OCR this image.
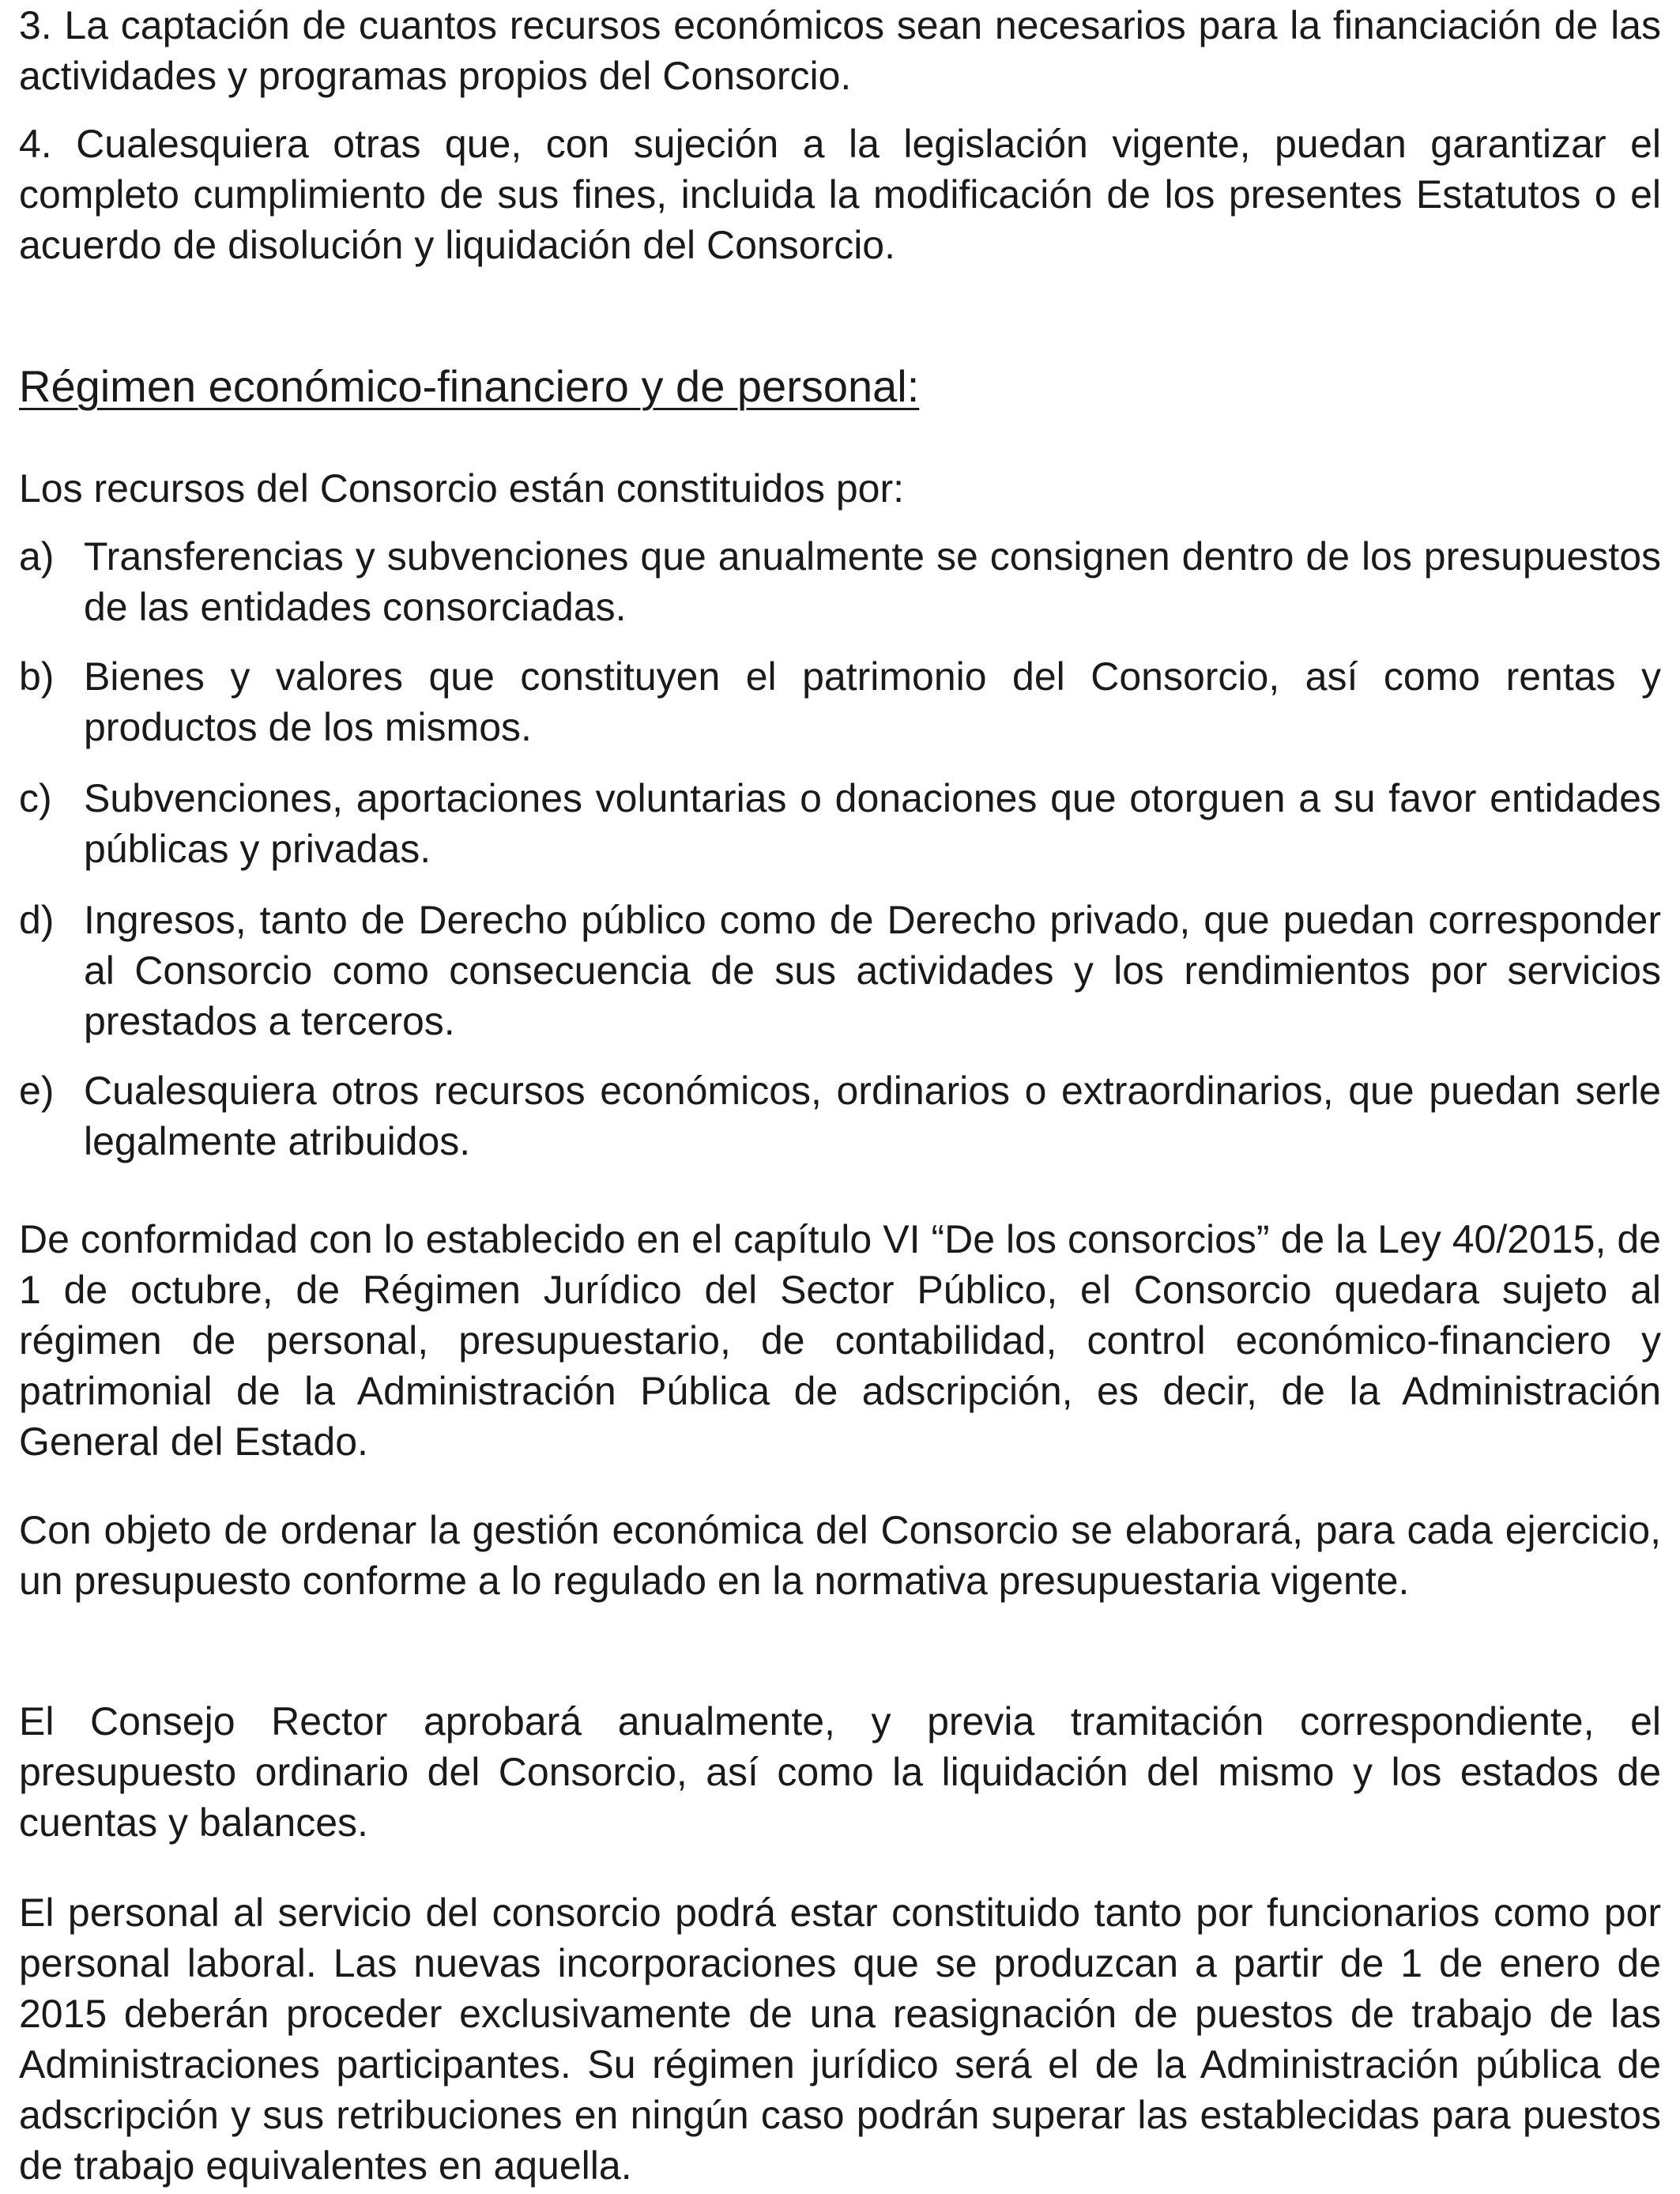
3. La captación de cuantos recursos económicos sean necesarios para la financiación de las actividades y programas propios del Consorcio.

4. Cualesquiera otras que, con sujeción a la legislación vigente, puedan garantizar el completo cumplimiento de sus fines, incluida la modificación de los presentes Estatutos o el acuerdo de disolución y liquidación del Consorcio.

Régimen económico-financiero y de personal:

Los recursos del Consorcio están constituidos por:

a) Transferencias y subvenciones que anualmente se consignen dentro de los presupuestos de las entidades consorciadas.
b) Bienes y valores que constituyen el patrimonio del Consorcio, así como rentas y productos de los mismos.
c) Subvenciones, aportaciones voluntarias o donaciones que otorguen a su favor entidades públicas y privadas.
d) Ingresos, tanto de Derecho público como de Derecho privado, que puedan corresponder al Consorcio como consecuencia de sus actividades y los rendimientos por servicios prestados a terceros.
e) Cualesquiera otros recursos económicos, ordinarios o extraordinarios, que puedan serle legalmente atribuidos.

De conformidad con lo establecido en el capítulo VI “De los consorcios” de la Ley 40/2015, de 1 de octubre, de Régimen Jurídico del Sector Público, el Consorcio quedara sujeto al régimen de personal, presupuestario, de contabilidad, control económico-financiero y patrimonial de la Administración Pública de adscripción, es decir, de la Administración General del Estado.

Con objeto de ordenar la gestión económica del Consorcio se elaborará, para cada ejercicio, un presupuesto conforme a lo regulado en la normativa presupuestaria vigente.

El Consejo Rector aprobará anualmente, y previa tramitación correspondiente, el presupuesto ordinario del Consorcio, así como la liquidación del mismo y los estados de cuentas y balances.

El personal al servicio del consorcio podrá estar constituido tanto por funcionarios como por personal laboral. Las nuevas incorporaciones que se produzcan a partir de 1 de enero de 2015 deberán proceder exclusivamente de una reasignación de puestos de trabajo de las Administraciones participantes. Su régimen jurídico será el de la Administración pública de adscripción y sus retribuciones en ningún caso podrán superar las establecidas para puestos de trabajo equivalentes en aquella.
